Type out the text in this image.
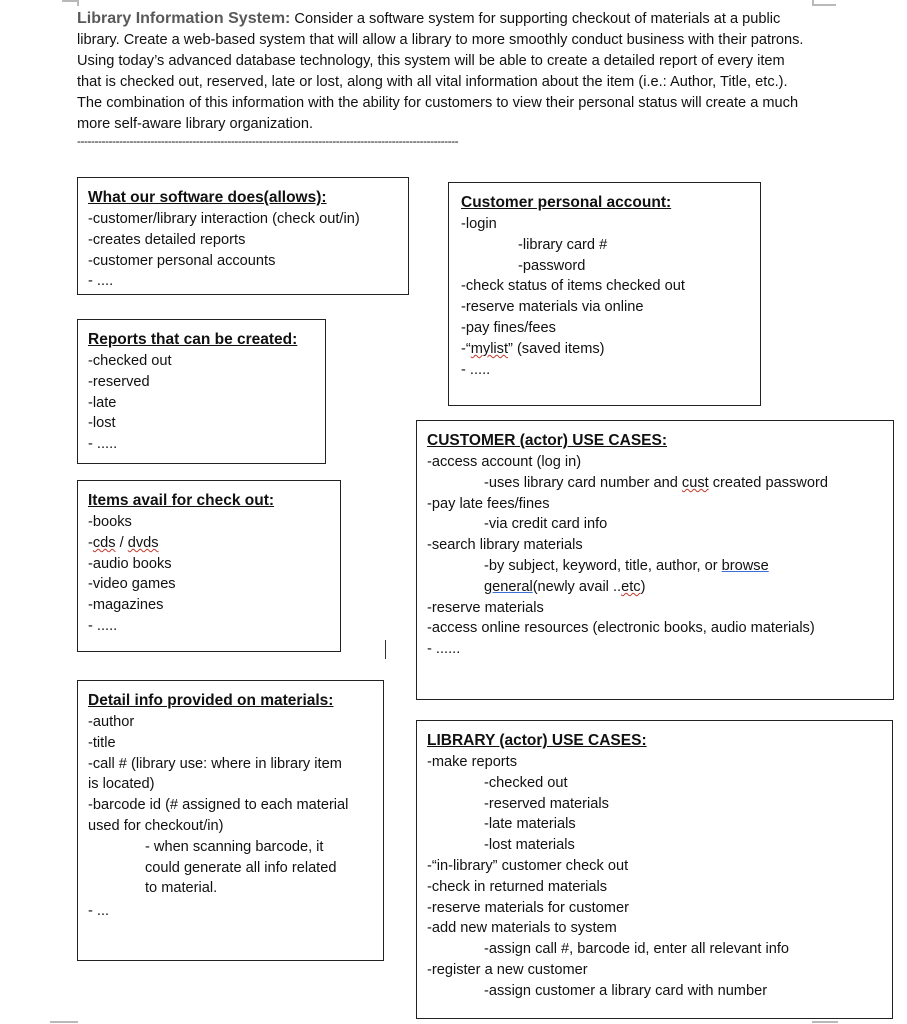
Library Information System: Consider a software system for supporting checkout of materials at a public library. Create a web-based system that will allow a library to more smoothly conduct business with their patrons. Using today’s advanced database technology, this system will be able to create a detailed report of every item that is checked out, reserved, late or lost, along with all vital information about the item (i.e.: Author, Title, etc.). The combination of this information with the ability for customers to view their personal status will create a much more self-aware library organization.

-------------------------------------------------------------------------------------------------------------
What our software does(allows):
-customer/library interaction (check out/in)
-creates detailed reports
-customer personal accounts
- ....
Reports that can be created:
-checked out
-reserved
-late
-lost
- .....
Items avail for check out:
-books
-cds / dvds
-audio books
-video games
-magazines
- .....
Detail info provided on materials:
-author
-title
-call # (library use: where in library item
is located)
-barcode id (# assigned to each material
used for checkout/in)
- when scanning barcode, it
could generate all info related
to material.
- ...
Customer personal account:
-login
-library card #
-password
-check status of items checked out
-reserve materials via online
-pay fines/fees
-“mylist” (saved items)
- .....
CUSTOMER (actor) USE CASES:
-access account (log in)
-uses library card number and cust created password
-pay late fees/fines
-via credit card info
-search library materials
-by subject, keyword, title, author, or browse
general(newly avail ..etc)
-reserve materials
-access online resources (electronic books, audio materials)
- ......
LIBRARY (actor) USE CASES:
-make reports
-checked out
-reserved materials
-late materials
-lost materials
-“in-library” customer check out
-check in returned materials
-reserve materials for customer
-add new materials to system
-assign call #, barcode id, enter all relevant info
-register a new customer
-assign customer a library card with number
